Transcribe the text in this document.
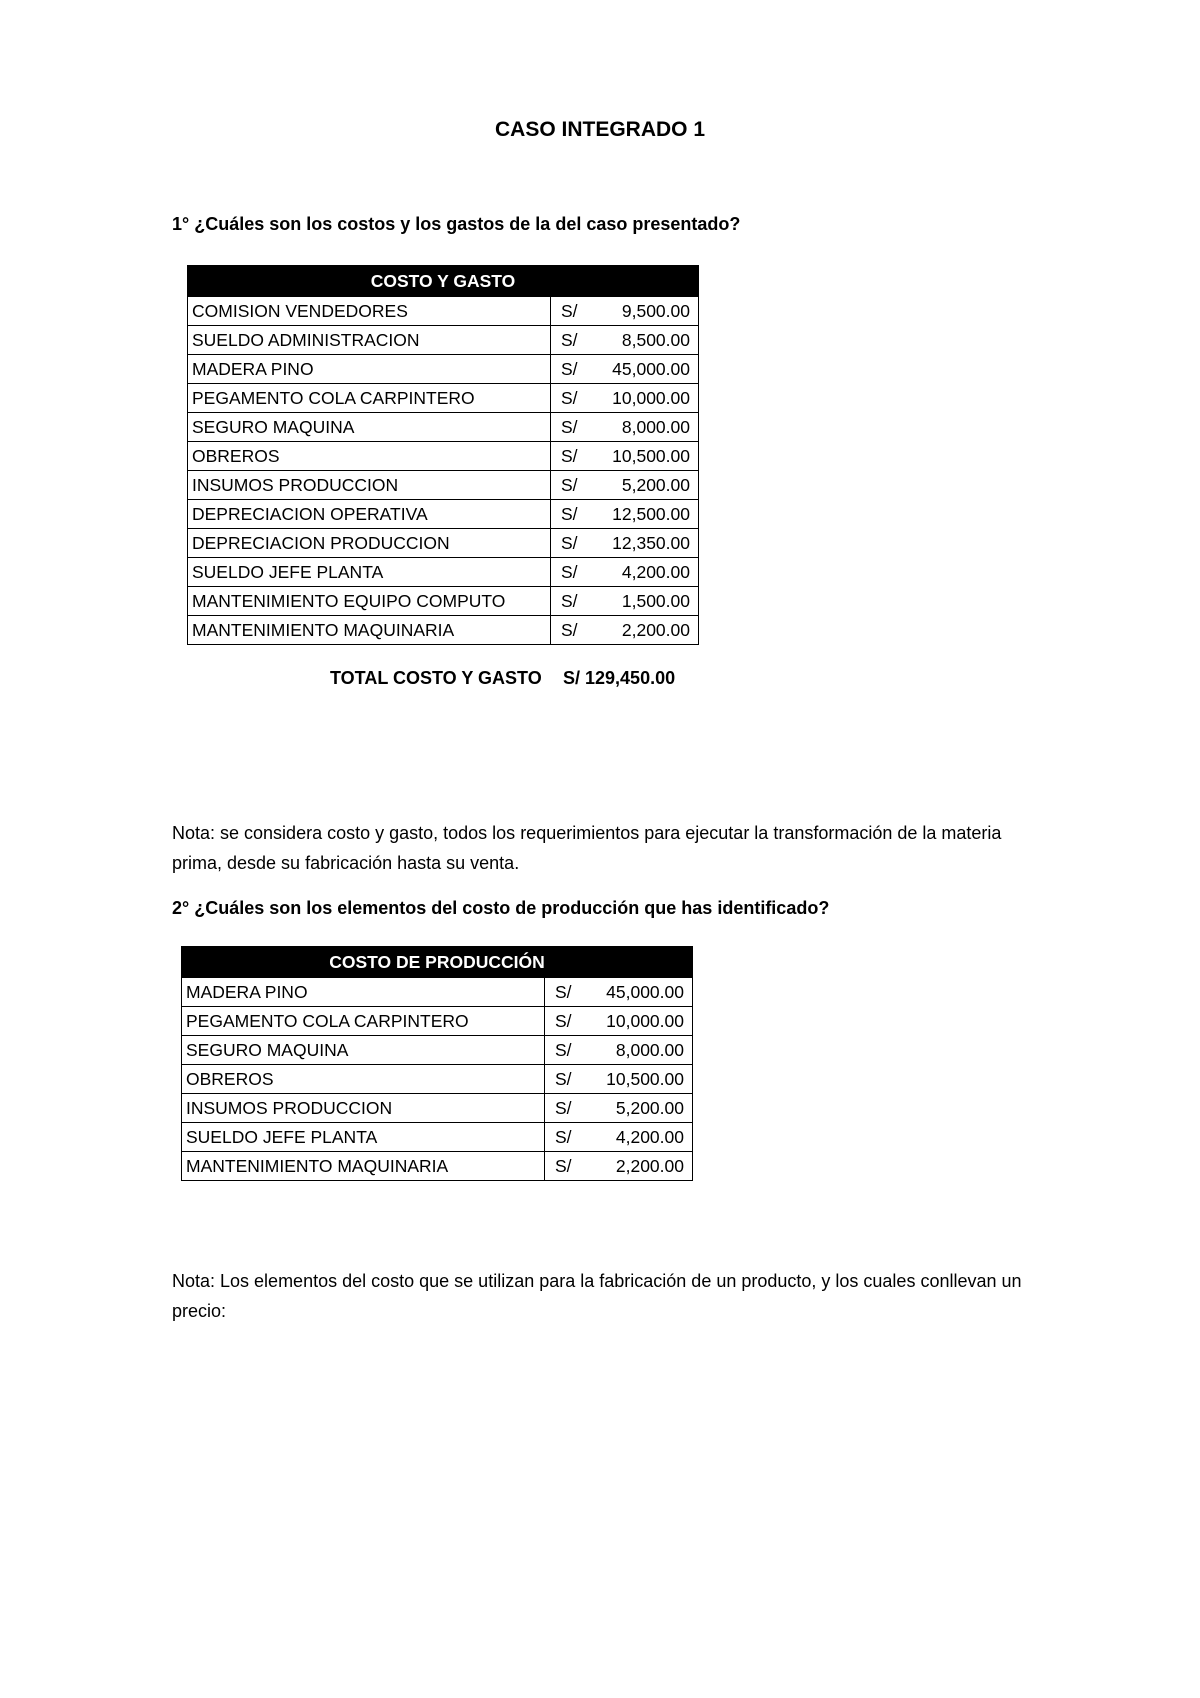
CASO INTEGRADO 1
1° ¿Cuáles son los costos y los gastos de la del caso presentado?
COSTO Y GASTO	
COMISION VENDEDORES	S/ 9,500.00

SUELDO ADMINISTRACION	S/ 8,500.00

MADERA PINO	S/ 45,000.00

PEGAMENTO COLA CARPINTERO	S/ 10,000.00

SEGURO MAQUINA	S/ 8,000.00

OBREROS	S/ 10,500.00

INSUMOS PRODUCCION	S/ 5,200.00

DEPRECIACION OPERATIVA	S/ 12,500.00

DEPRECIACION PRODUCCION	S/ 12,350.00

SUELDO JEFE PLANTA	S/ 4,200.00

MANTENIMIENTO EQUIPO COMPUTO	S/ 1,500.00

MANTENIMIENTO MAQUINARIA	S/ 2,200.00
TOTAL COSTO Y GASTO S/ 129,450.00
Nota: se considera costo y gasto, todos los requerimientos para ejecutar la transformación de la materia prima, desde su fabricación hasta su venta.
2° ¿Cuáles son los elementos del costo de producción que has identificado?
COSTO DE PRODUCCIÓN	
MADERA PINO	S/ 45,000.00

PEGAMENTO COLA CARPINTERO	S/ 10,000.00

SEGURO MAQUINA	S/ 8,000.00

OBREROS	S/ 10,500.00

INSUMOS PRODUCCION	S/ 5,200.00

SUELDO JEFE PLANTA	S/ 4,200.00

MANTENIMIENTO MAQUINARIA	S/ 2,200.00
Nota: Los elementos del costo que se utilizan para la fabricación de un producto, y los cuales conllevan un precio:
